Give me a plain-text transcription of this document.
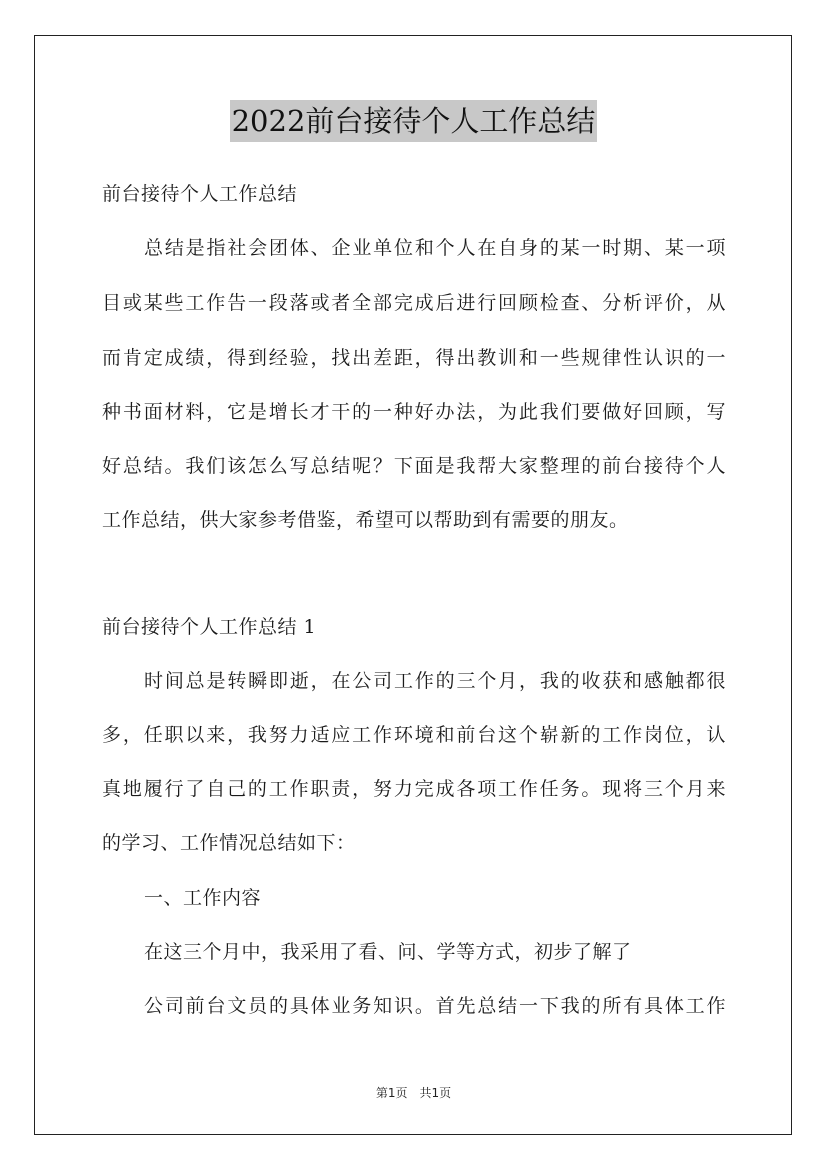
2022前台接待个人工作总结
前台接待个人工作总结
总结是指社会团体、企业单位和个人在自身的某一时期、某一项
目或某些工作告一段落或者全部完成后进行回顾检查、分析评价，从
而肯定成绩，得到经验，找出差距，得出教训和一些规律性认识的一
种书面材料，它是增长才干的一种好办法，为此我们要做好回顾，写
好总结。我们该怎么写总结呢？下面是我帮大家整理的前台接待个人
工作总结，供大家参考借鉴，希望可以帮助到有需要的朋友。
前台接待个人工作总结 1
时间总是转瞬即逝，在公司工作的三个月，我的收获和感触都很
多，任职以来，我努力适应工作环境和前台这个崭新的工作岗位，认
真地履行了自己的工作职责，努力完成各项工作任务。现将三个月来
的学习、工作情况总结如下：
一、工作内容
在这三个月中，我采用了看、问、学等方式，初步了解了
公司前台文员的具体业务知识。首先总结一下我的所有具体工作
第1页　共1页
